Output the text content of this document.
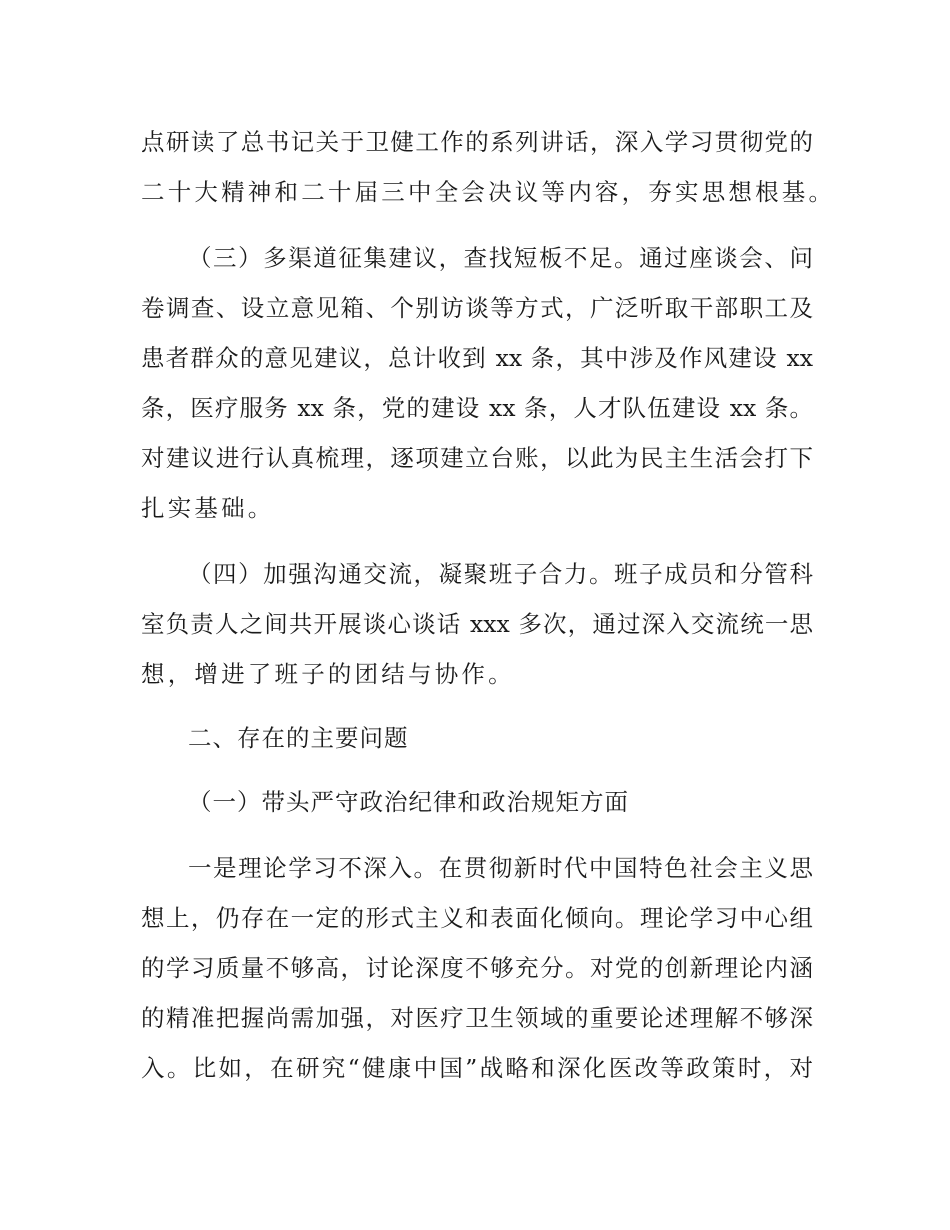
点研读了总书记关于卫健工作的系列讲话，深入学习贯彻党的
二十大精神和二十届三中全会决议等内容，夯实思想根基。
（三）多渠道征集建议，查找短板不足。通过座谈会、问
卷调查、设立意见箱、个别访谈等方式，广泛听取干部职工及
患者群众的意见建议，总计收到 xx 条，其中涉及作风建设 xx
条，医疗服务 xx 条，党的建设 xx 条，人才队伍建设 xx 条。
对建议进行认真梳理，逐项建立台账，以此为民主生活会打下
扎实基础。
（四）加强沟通交流，凝聚班子合力。班子成员和分管科
室负责人之间共开展谈心谈话 xxx 多次，通过深入交流统一思
想，增进了班子的团结与协作。
二、存在的主要问题
（一）带头严守政治纪律和政治规矩方面
一是理论学习不深入。在贯彻新时代中国特色社会主义思
想上，仍存在一定的形式主义和表面化倾向。理论学习中心组
的学习质量不够高，讨论深度不够充分。对党的创新理论内涵
的精准把握尚需加强，对医疗卫生领域的重要论述理解不够深
入。比如，在研究“健康中国”战略和深化医改等政策时，对
